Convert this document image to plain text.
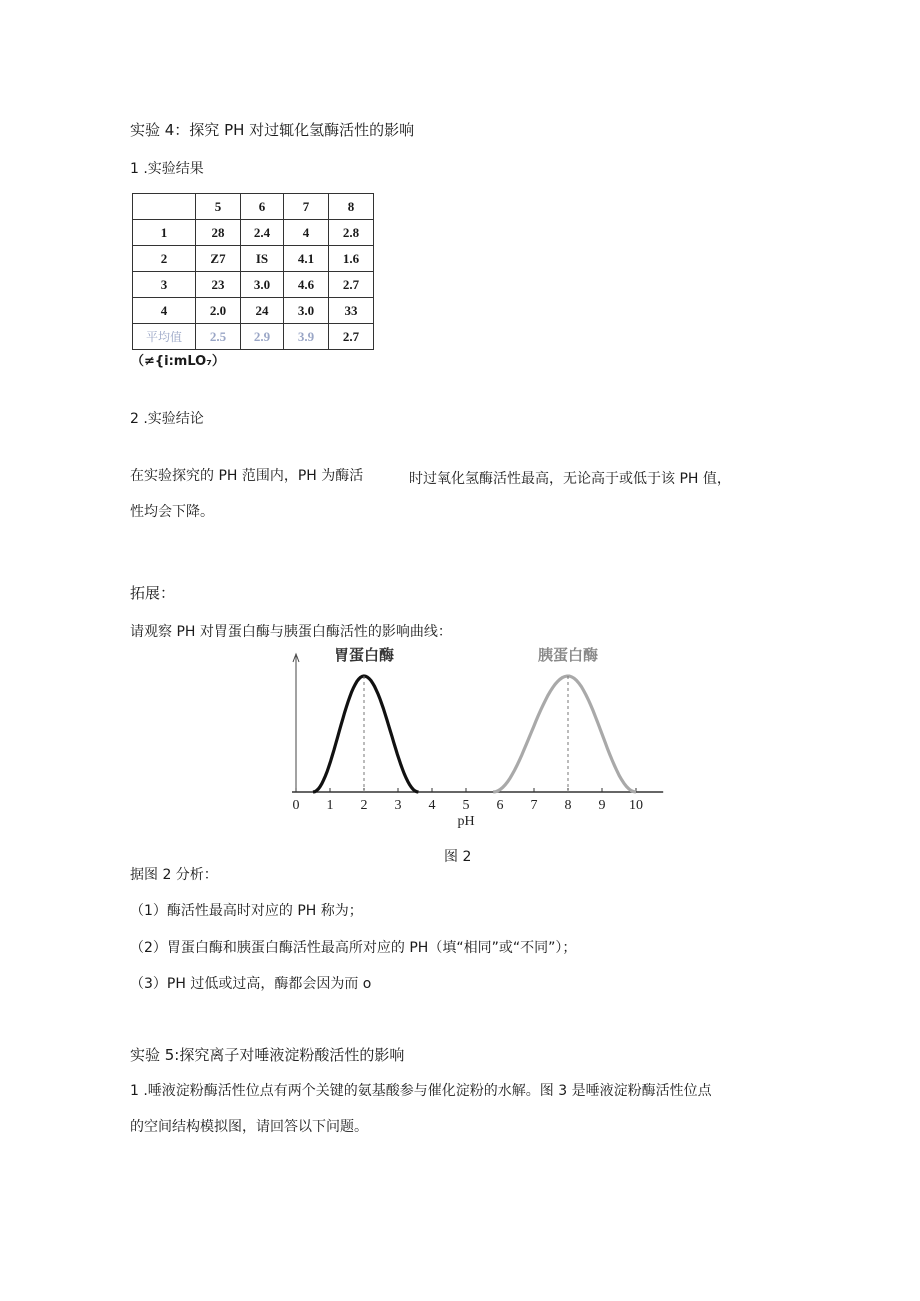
实验 4：探究 PH 对过辄化氢酶活性的影响
1 .实验结果
	5	6	7	8
1	28	2.4	4	2.8
2	Z7	IS	4.1	1.6
3	23	3.0	4.6	2.7
4	2.0	24	3.0	33
平均值	2.5	2.9	3.9	2.7
（≠{i:mLO₇）
2 .实验结论
在实验探究的 PH 范围内，PH 为酶活	时过氧化氢酶活性最高，无论高于或低于该 PH 值，
性均会下降。
拓展：
请观察 PH 对胃蛋白酶与胰蛋白酶活性的影响曲线：
0 1 2 3 4 5 6 7 8 9 10
pH
胃蛋白酶	胰蛋白酶
图 2
据图 2 分析：
（1）酶活性最高时对应的 PH 称为；
（2）胃蛋白酶和胰蛋白酶活性最高所对应的 PH（填“相同”或“不同”）；
（3）PH 过低或过高，酶都会因为而 o
实验 5:探究离子对唾液淀粉酸活性的影响
1 .唾液淀粉酶活性位点有两个关键的氨基酸参与催化淀粉的水解。图 3 是唾液淀粉酶活性位点
的空间结构模拟图，请回答以下问题。
